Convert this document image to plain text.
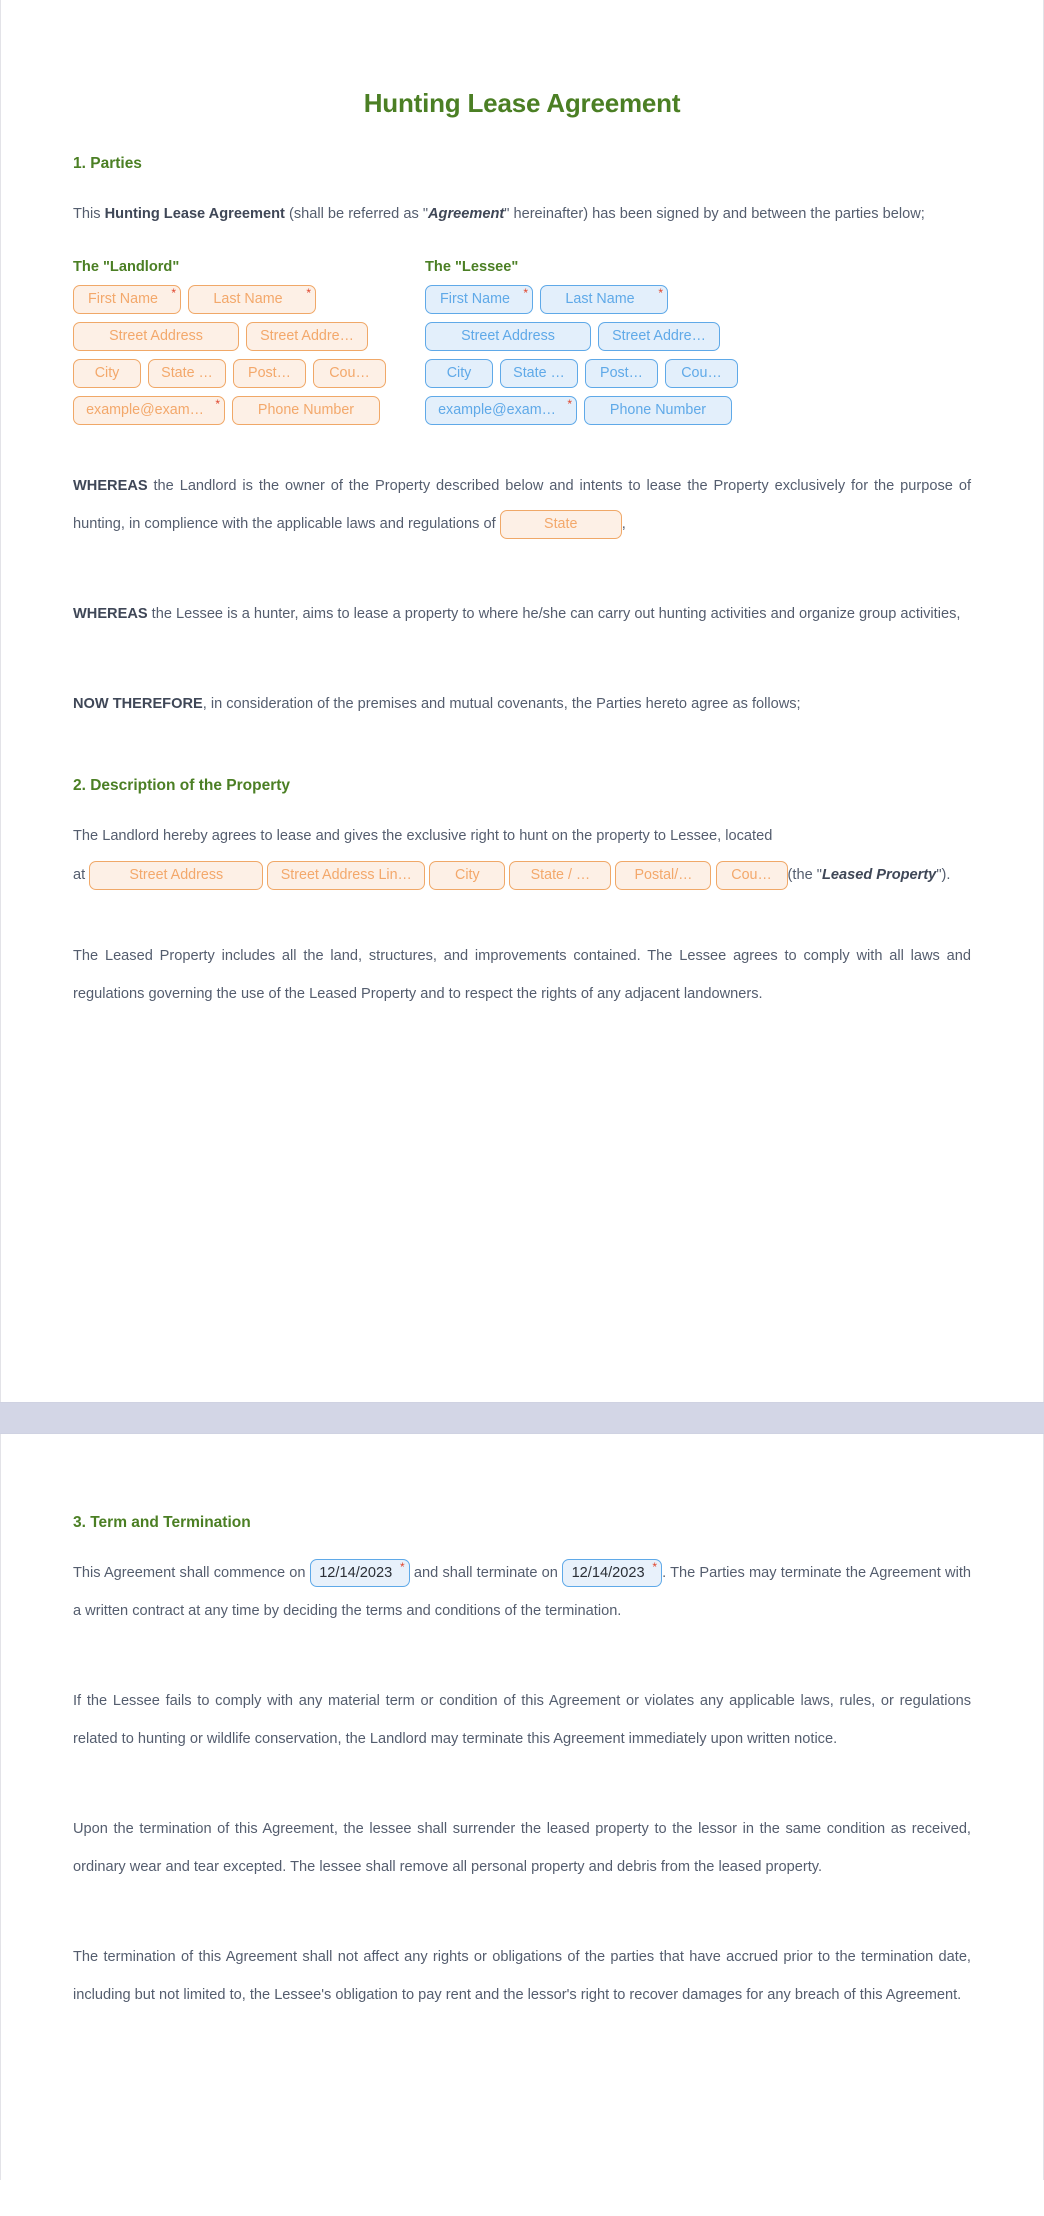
Hunting Lease Agreement
1. Parties

This Hunting Lease Agreement (shall be referred as "Agreement" hereinafter) has been signed by and between the parties below;

The "Landlord"
First Name *	Last Name *
Street Address	Street Addre…
City	State …	Post…	Cou…
example@exam… *	Phone Number
The "Lessee"
First Name *	Last Name *
Street Address	Street Addre…
City	State …	Post…	Cou…
example@exam… *	Phone Number

WHEREAS the Landlord is the owner of the Property described below and intents to lease the Property exclusively for the purpose of hunting, in complience with the applicable laws and regulations of	State	,

WHEREAS the Lessee is a hunter, aims to lease a property to where he/she can carry out hunting activities and organize group activities,

NOW THEREFORE, in consideration of the premises and mutual covenants, the Parties hereto agree as follows;

2. Description of the Property

The Landlord hereby agrees to lease and gives the exclusive right to hunt on the property to Lessee, located

at	Street Address	Street Address Lin…	City	State / …	Postal/…	Cou… (the "Leased Property").

The Leased Property includes all the land, structures, and improvements contained. The Lessee agrees to comply with all laws and regulations governing the use of the Leased Property and to respect the rights of any adjacent landowners.

3. Term and Termination

This Agreement shall commence on 12/14/2023 * and shall terminate on 12/14/2023 * . The Parties may terminate the Agreement with a written contract at any time by deciding the terms and conditions of the termination.

If the Lessee fails to comply with any material term or condition of this Agreement or violates any applicable laws, rules, or regulations related to hunting or wildlife conservation, the Landlord may terminate this Agreement immediately upon written notice.

Upon the termination of this Agreement, the lessee shall surrender the leased property to the lessor in the same condition as received, ordinary wear and tear excepted. The lessee shall remove all personal property and debris from the leased property.

The termination of this Agreement shall not affect any rights or obligations of the parties that have accrued prior to the termination date, including but not limited to, the Lessee's obligation to pay rent and the lessor's right to recover damages for any breach of this Agreement.
